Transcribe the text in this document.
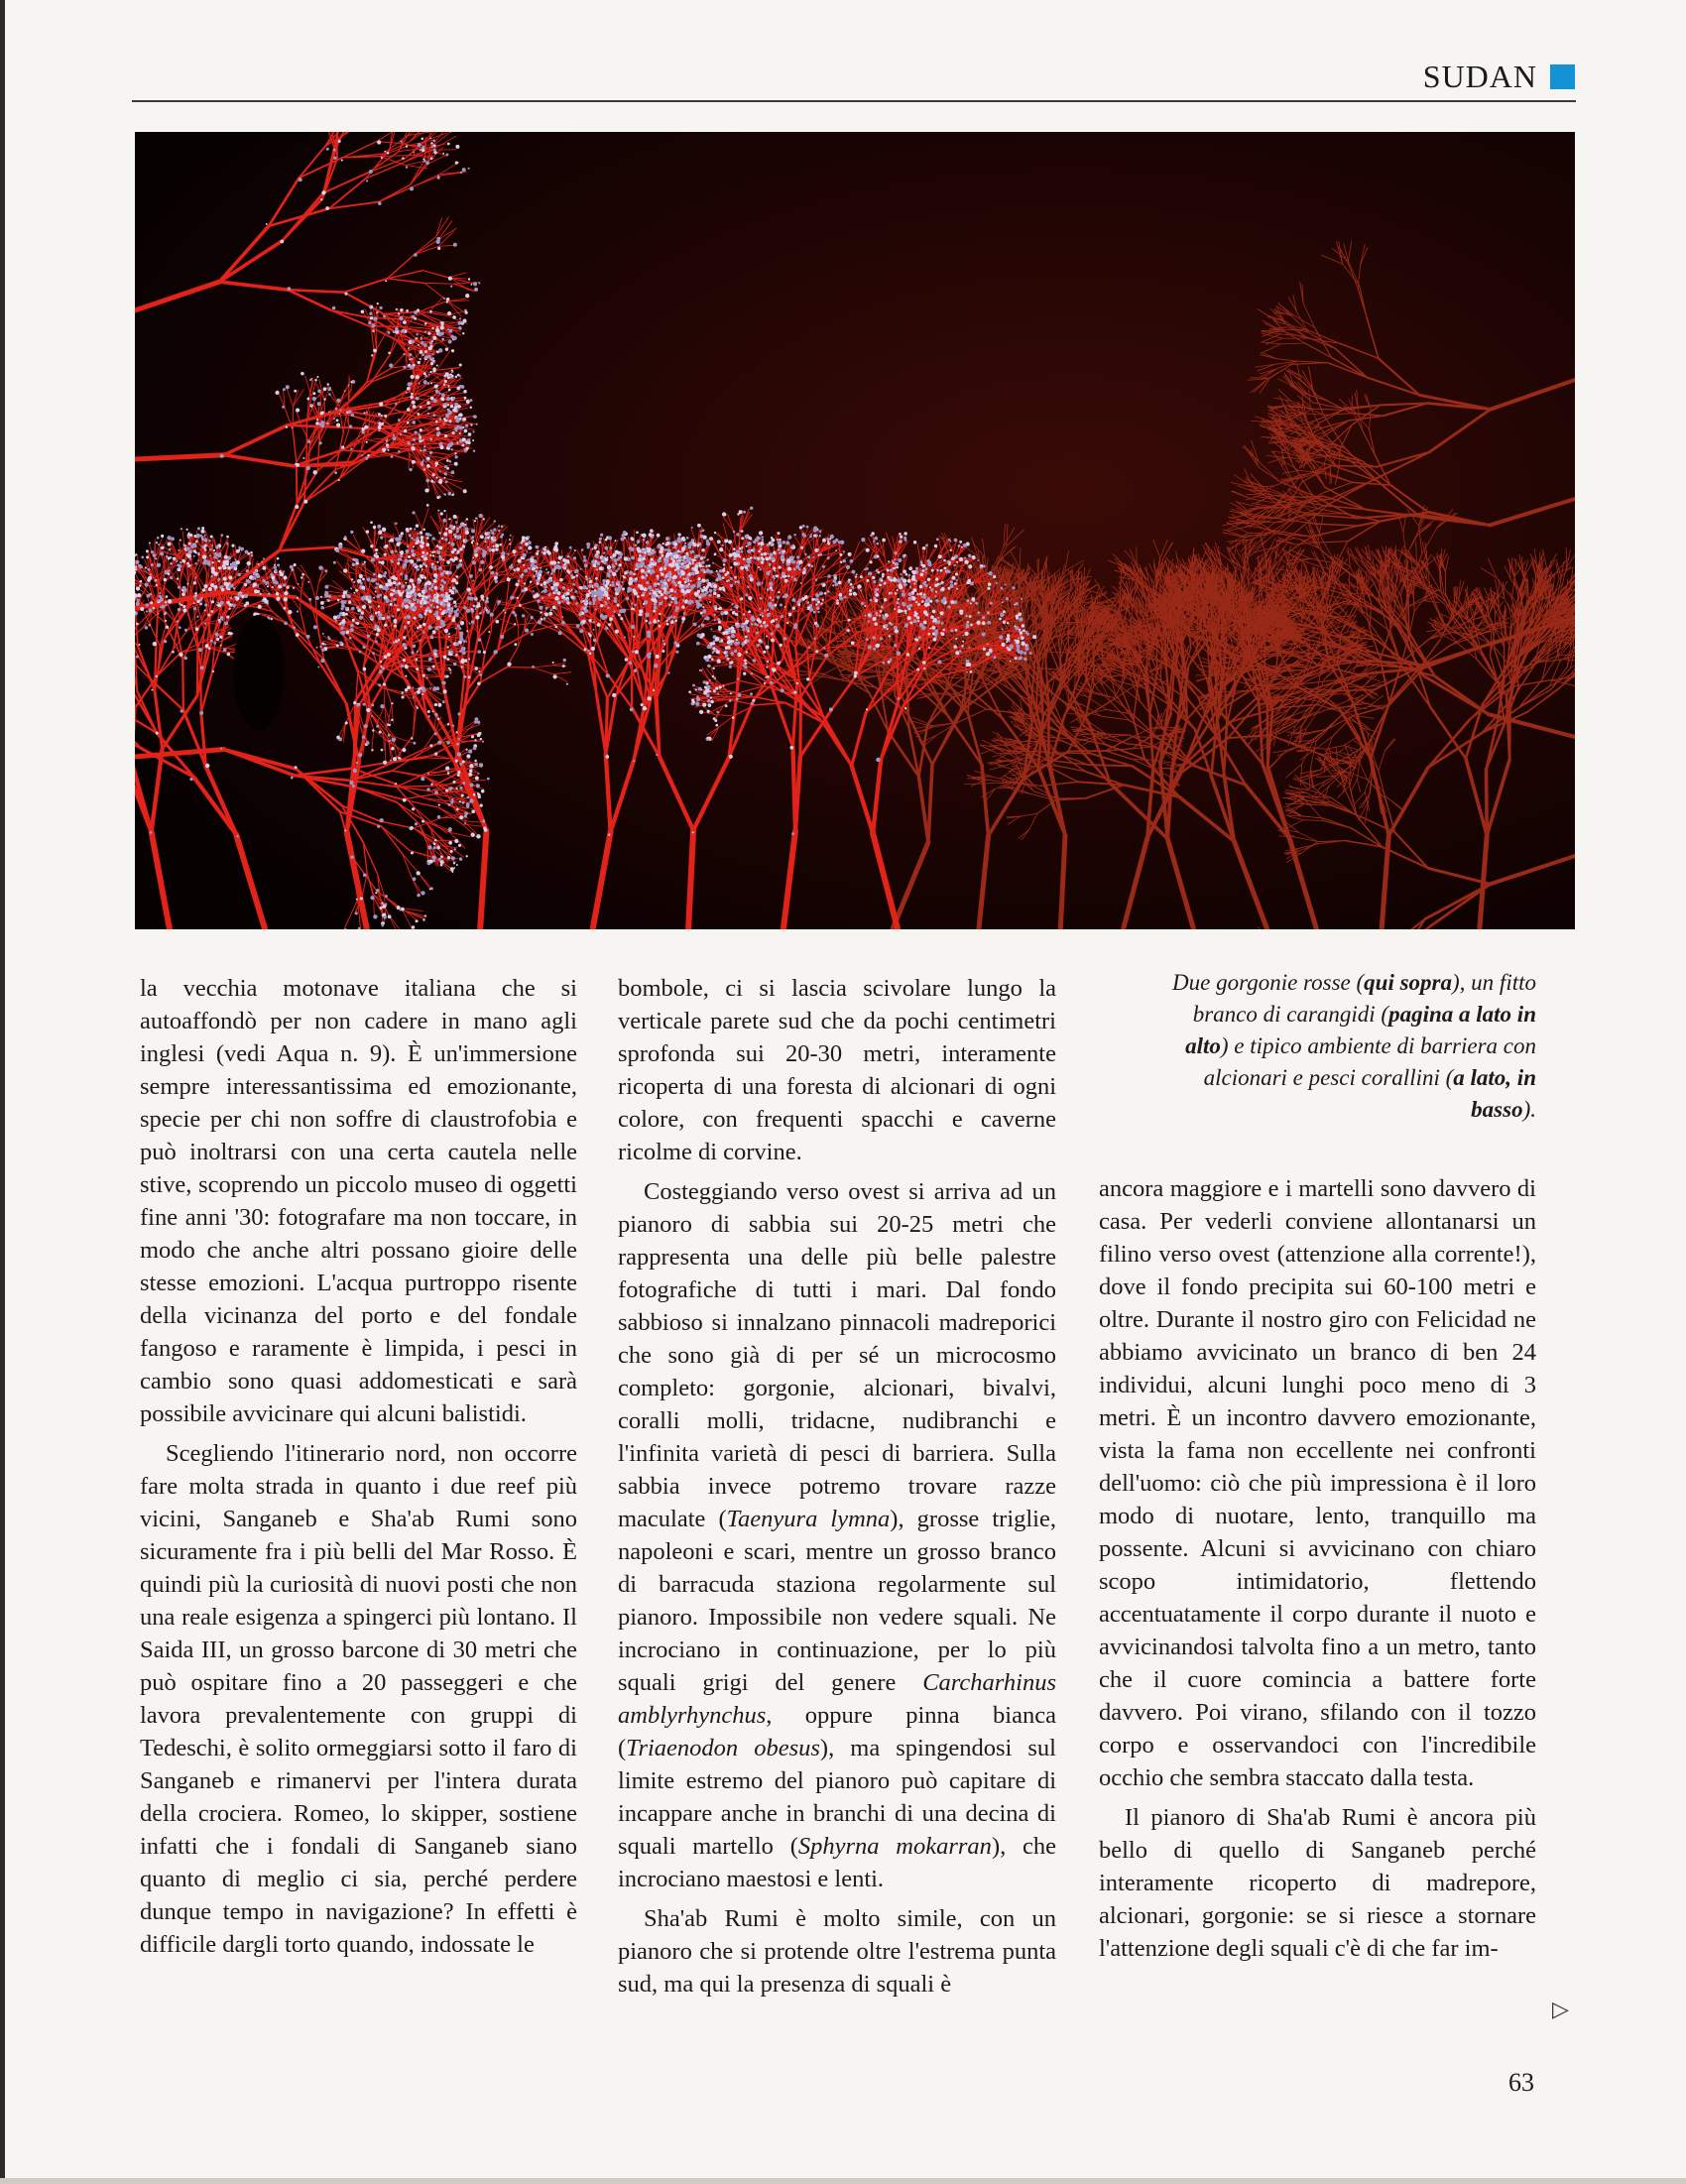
SUDAN

la vecchia motonave italiana che si autoaffondò per non cadere in mano agli inglesi (vedi Aqua n. 9). È un'immersione sempre interessantissima ed emozionante, specie per chi non soffre di claustrofobia e può inoltrarsi con una certa cautela nelle stive, scoprendo un piccolo museo di oggetti fine anni '30: fotografare ma non toccare, in modo che anche altri possano gioire delle stesse emozioni. L'acqua purtroppo risente della vicinanza del porto e del fondale fangoso e raramente è limpida, i pesci in cambio sono quasi addomesticati e sarà possibile avvicinare qui alcuni balistidi.

Scegliendo l'itinerario nord, non occorre fare molta strada in quanto i due reef più vicini, Sanganeb e Sha'ab Rumi sono sicuramente fra i più belli del Mar Rosso. È quindi più la curiosità di nuovi posti che non una reale esigenza a spingerci più lontano. Il Saida III, un grosso barcone di 30 metri che può ospitare fino a 20 passeggeri e che lavora prevalentemente con gruppi di Tedeschi, è solito ormeggiarsi sotto il faro di Sanganeb e rimanervi per l'intera durata della crociera. Romeo, lo skipper, sostiene infatti che i fondali di Sanganeb siano quanto di meglio ci sia, perché perdere dunque tempo in navigazione? In effetti è difficile dargli torto quando, indossate le

bombole, ci si lascia scivolare lungo la verticale parete sud che da pochi centimetri sprofonda sui 20-30 metri, interamente ricoperta di una foresta di alcionari di ogni colore, con frequenti spacchi e caverne ricolme di corvine.

Costeggiando verso ovest si arriva ad un pianoro di sabbia sui 20-25 metri che rappresenta una delle più belle palestre fotografiche di tutti i mari. Dal fondo sabbioso si innalzano pinnacoli madreporici che sono già di per sé un microcosmo completo: gorgonie, alcionari, bivalvi, coralli molli, tridacne, nudibranchi e l'infinita varietà di pesci di barriera. Sulla sabbia invece potremo trovare razze maculate (Taenyura lymna), grosse triglie, napoleoni e scari, mentre un grosso branco di barracuda staziona regolarmente sul pianoro. Impossibile non vedere squali. Ne incrociano in continuazione, per lo più squali grigi del genere Carcharhinus amblyrhynchus, oppure pinna bianca (Triaenodon obesus), ma spingendosi sul limite estremo del pianoro può capitare di incappare anche in branchi di una decina di squali martello (Sphyrna mokarran), che incrociano maestosi e lenti.

Sha'ab Rumi è molto simile, con un pianoro che si protende oltre l'estrema punta sud, ma qui la presenza di squali è

Due gorgonie rosse (qui sopra), un fitto branco di carangidi (pagina a lato in alto) e tipico ambiente di barriera con alcionari e pesci corallini (a lato, in basso).

ancora maggiore e i martelli sono davvero di casa. Per vederli conviene allontanarsi un filino verso ovest (attenzione alla corrente!), dove il fondo precipita sui 60-100 metri e oltre. Durante il nostro giro con Felicidad ne abbiamo avvicinato un branco di ben 24 individui, alcuni lunghi poco meno di 3 metri. È un incontro davvero emozionante, vista la fama non eccellente nei confronti dell'uomo: ciò che più impressiona è il loro modo di nuotare, lento, tranquillo ma possente. Alcuni si avvicinano con chiaro scopo intimidatorio, flettendo accentuatamente il corpo durante il nuoto e avvicinandosi talvolta fino a un metro, tanto che il cuore comincia a battere forte davvero. Poi virano, sfilando con il tozzo corpo e osservandoci con l'incredibile occhio che sembra staccato dalla testa.

Il pianoro di Sha'ab Rumi è ancora più bello di quello di Sanganeb perché interamente ricoperto di madrepore, alcionari, gorgonie: se si riesce a stornare l'attenzione degli squali c'è di che far im-

▷
63
